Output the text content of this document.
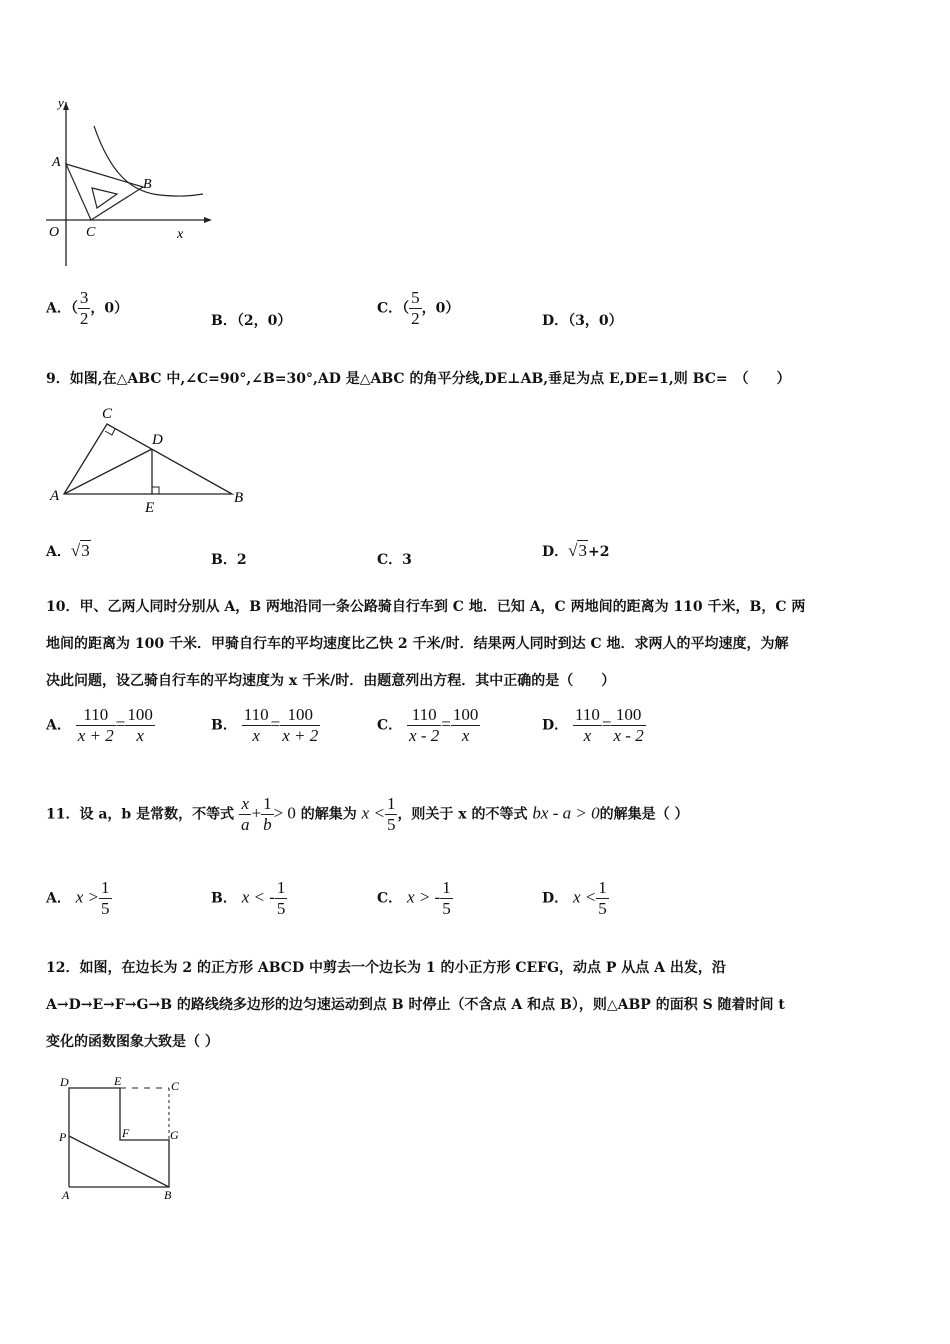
y
x
O
A
B
C
A．（ $\frac{3}{2}$ ，0）
B．（2，0）
C．（ $\frac{5}{2}$ ，0）
D．（3，0）
9．如图,在△ABC 中,∠C=90°,∠B=30°,AD 是△ABC 的角平分线,DE⊥AB,垂足为点 E,DE=1,则 BC=　（　　）
C
D
A
E
B
A．√3	B．2	C．3	D．√3+2
10．甲、乙两人同时分别从 A，B 两地沿同一条公路骑自行车到 C 地．已知 A，C 两地间的距离为 110 千米，B，C 两
地间的距离为 100 千米．甲骑自行车的平均速度比乙快 2 千米/时．结果两人同时到达 C 地．求两人的平均速度，为解
决此问题，设乙骑自行车的平均速度为 x 千米/时．由题意列出方程．其中正确的是（　　）
A． $\frac{110}{x + 2} = \frac{100}{x}$	B． $\frac{110}{x} = \frac{100}{x + 2}$	C． $\frac{110}{x - 2} = \frac{100}{x}$	D． $\frac{110}{x} = \frac{100}{x - 2}$
11．设 a，b 是常数，不等式 $\frac{x}{a} + \frac{1}{b} > 0$ 的解集为 $x < \frac{1}{5}$ ，则关于 x 的不等式 bx - a > 0的解集是（ ）
A． $x > \frac{1}{5}$	B． x < - $\frac{1}{5}$	C． x > - $\frac{1}{5}$	D． $x < \frac{1}{5}$
12．如图，在边长为 2 的正方形 ABCD 中剪去一个边长为 1 的小正方形 CEFG，动点 P 从点 A 出发，沿
A→D→E→F→G→B 的路线绕多边形的边匀速运动到点 B 时停止（不含点 A 和点 B），则△ABP 的面积 S 随着时间 t
变化的函数图象大致是（ ）
D	E	C
P	F	G
A	B
